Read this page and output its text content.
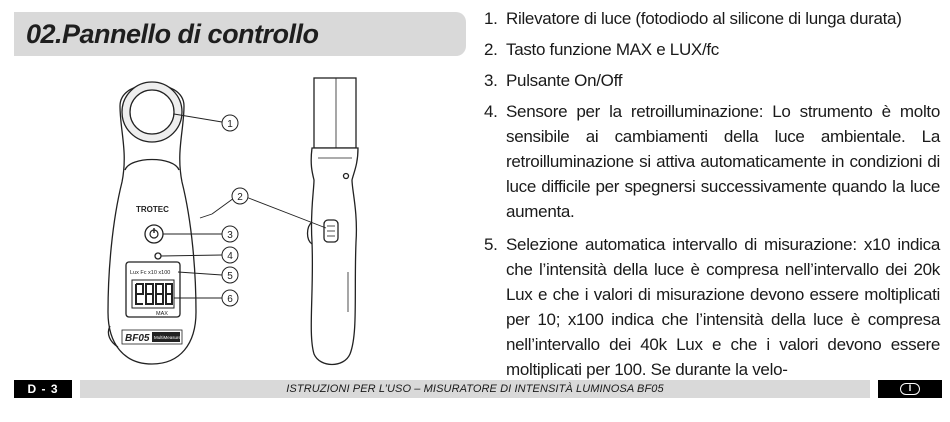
02.Pannello di controllo
1
2
3
4
5
6
TROTEC
Lux Fc x10 x100
MAX
BF05 MultiMeasure
1. Rilevatore di luce (fotodiodo al silicone di lunga durata)
2. Tasto funzione MAX e LUX/fc
3. Pulsante On/Off
4. Sensore per la retroilluminazione: Lo strumento è molto sensibile ai cambiamenti della luce ambientale. La retroilluminazione si attiva automaticamente in condizioni di luce difficile per spegnersi successivamente quando la luce aumenta.
5. Selezione automatica intervallo di misurazione: x10 indica che l’intensità della luce è compresa nell’intervallo dei 20k Lux e che i valori di misurazione devono essere moltiplicati per 10; x100 indica che l’intensità della luce è compresa nell’intervallo dei 40k Lux e che i valori devono essere moltiplicati per 100. Se durante la velo-
D - 3	ISTRUZIONI PER L’USO – MISURATORE DI INTENSITÀ LUMINOSA BF05	I
